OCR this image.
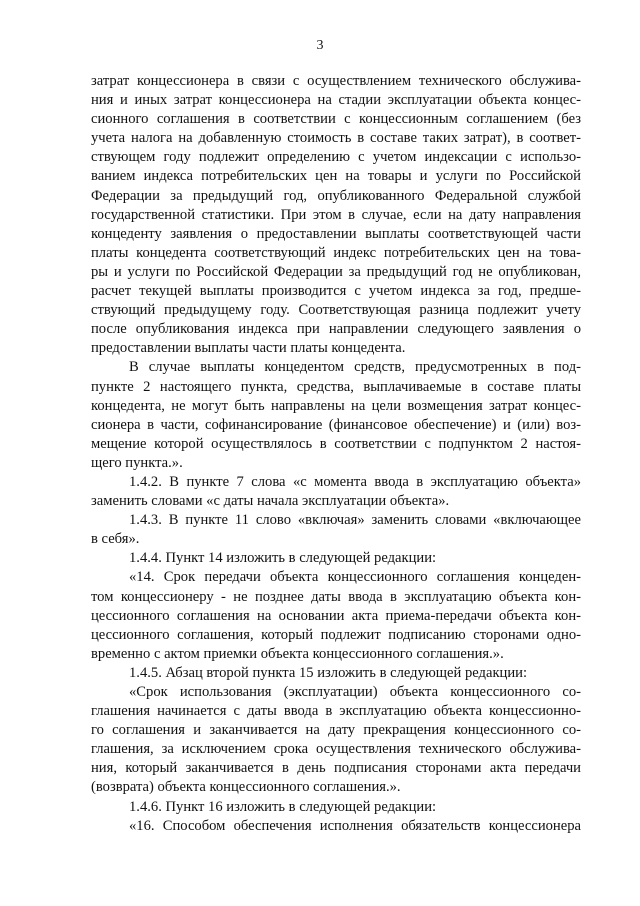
3
затрат концессионера в связи с осуществлением технического обслужива-
ния и иных затрат концессионера на стадии эксплуатации объекта концес-
сионного соглашения в соответствии с концессионным соглашением (без
учета налога на добавленную стоимость в составе таких затрат), в соответ-
ствующем году подлежит определению с учетом индексации с использо-
ванием индекса потребительских цен на товары и услуги по Российской
Федерации за предыдущий год, опубликованного Федеральной службой
государственной статистики. При этом в случае, если на дату направления
концеденту заявления о предоставлении выплаты соответствующей части
платы концедента соответствующий индекс потребительских цен на това-
ры и услуги по Российской Федерации за предыдущий год не опубликован,
расчет текущей выплаты производится с учетом индекса за год, предше-
ствующий предыдущему году. Соответствующая разница подлежит учету
после опубликования индекса при направлении следующего заявления о
предоставлении выплаты части платы концедента.
В случае выплаты концедентом средств, предусмотренных в под-
пункте 2 настоящего пункта, средства, выплачиваемые в составе платы
концедента, не могут быть направлены на цели возмещения затрат концес-
сионера в части, софинансирование (финансовое обеспечение) и (или) воз-
мещение которой осуществлялось в соответствии с подпунктом 2 настоя-
щего пункта.».
1.4.2. В пункте 7 слова «с момента ввода в эксплуатацию объекта»
заменить словами «с даты начала эксплуатации объекта».
1.4.3. В пункте 11 слово «включая» заменить словами «включающее
в себя».
1.4.4. Пункт 14 изложить в следующей редакции:
«14. Срок передачи объекта концессионного соглашения концеден-
том концессионеру - не позднее даты ввода в эксплуатацию объекта кон-
цессионного соглашения на основании акта приема-передачи объекта кон-
цессионного соглашения, который подлежит подписанию сторонами одно-
временно с актом приемки объекта концессионного соглашения.».
1.4.5. Абзац второй пункта 15 изложить в следующей редакции:
«Срок использования (эксплуатации) объекта концессионного со-
глашения начинается с даты ввода в эксплуатацию объекта концессионно-
го соглашения и заканчивается на дату прекращения концессионного со-
глашения, за исключением срока осуществления технического обслужива-
ния, который заканчивается в день подписания сторонами акта передачи
(возврата) объекта концессионного соглашения.».
1.4.6. Пункт 16 изложить в следующей редакции:
«16. Способом обеспечения исполнения обязательств концессионера
